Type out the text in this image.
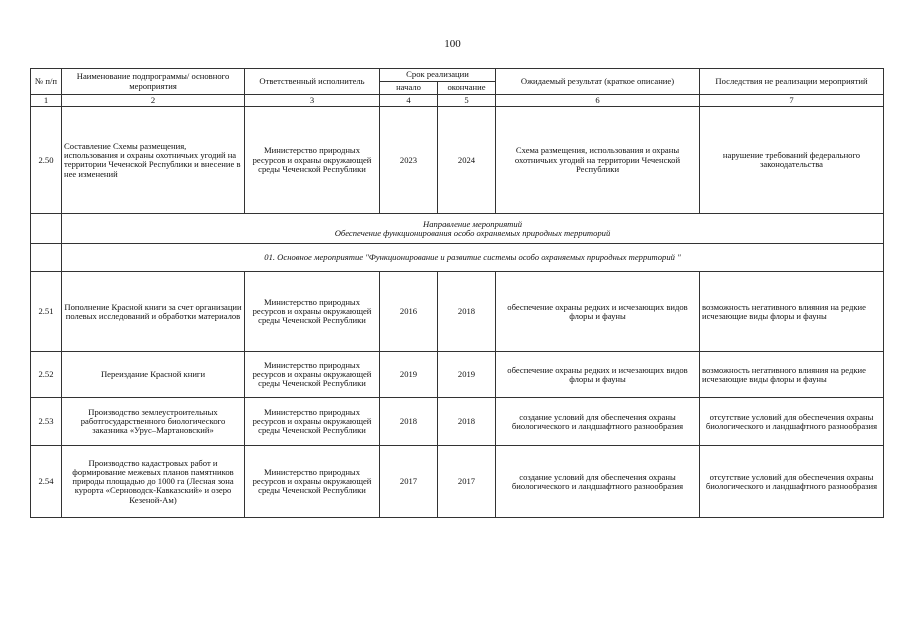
100
№ п/п	Наименование подпрограммы/ основного мероприятия	Ответственный исполнитель	Срок реализации		Ожидаемый результат (краткое описание)	Последствия не реализации мероприятий
			начало	окончание		
1	2	3	4	5	6	7
2.50	Составление Схемы размещения, использования и охраны охотничьих угодий на территории Чеченской Республики и внесение в нее изменений	Министерство природных ресурсов и охраны окружающей среды Чеченской Республики	2023	2024	Схема размещения, использования и охраны охотничьих угодий на территории Чеченской Республики	нарушение требований федерального законодательства

	Направление мероприятий
Обеспечение функционирования особо охраняемых природных территорий					

	01. Основное мероприятие "Функционирование и развитие системы особо охраняемых природных территорий "					
2.51	Пополнение Красной книги за счет организации полевых исследований и обработки материалов	Министерство природных ресурсов и охраны окружающей среды Чеченской Республики	2016	2018	обеспечение охраны редких и исчезающих видов флоры и фауны	возможность негативного влияния на редкие исчезающие виды флоры и фауны
2.52	Переиздание Красной книги	Министерство природных ресурсов и охраны окружающей среды Чеченской Республики	2019	2019	обеспечение охраны редких и исчезающих видов флоры и фауны	возможность негативного влияния на редкие исчезающие виды флоры и фауны
2.53	Производство землеустроительных работгосударственного биологического заказника «Урус–Мартановский»	Министерство природных ресурсов и охраны окружающей среды Чеченской Республики	2018	2018	создание условий для обеспечения охраны биологического и ландшафтного разнообразия	отсутствие условий для обеспечения охраны биологического и ландшафтного разнообразия
2.54	Производство кадастровых работ и формирование межевых планов памятников природы площадью до 1000 га (Лесная зона курорта «Серноводск-Кавказский» и озеро Кезеной-Ам)	Министерство природных ресурсов и охраны окружающей среды Чеченской Республики	2017	2017	создание условий для обеспечения охраны биологического и ландшафтного разнообразия	отсутствие условий для обеспечения охраны биологического и ландшафтного разнообразия
